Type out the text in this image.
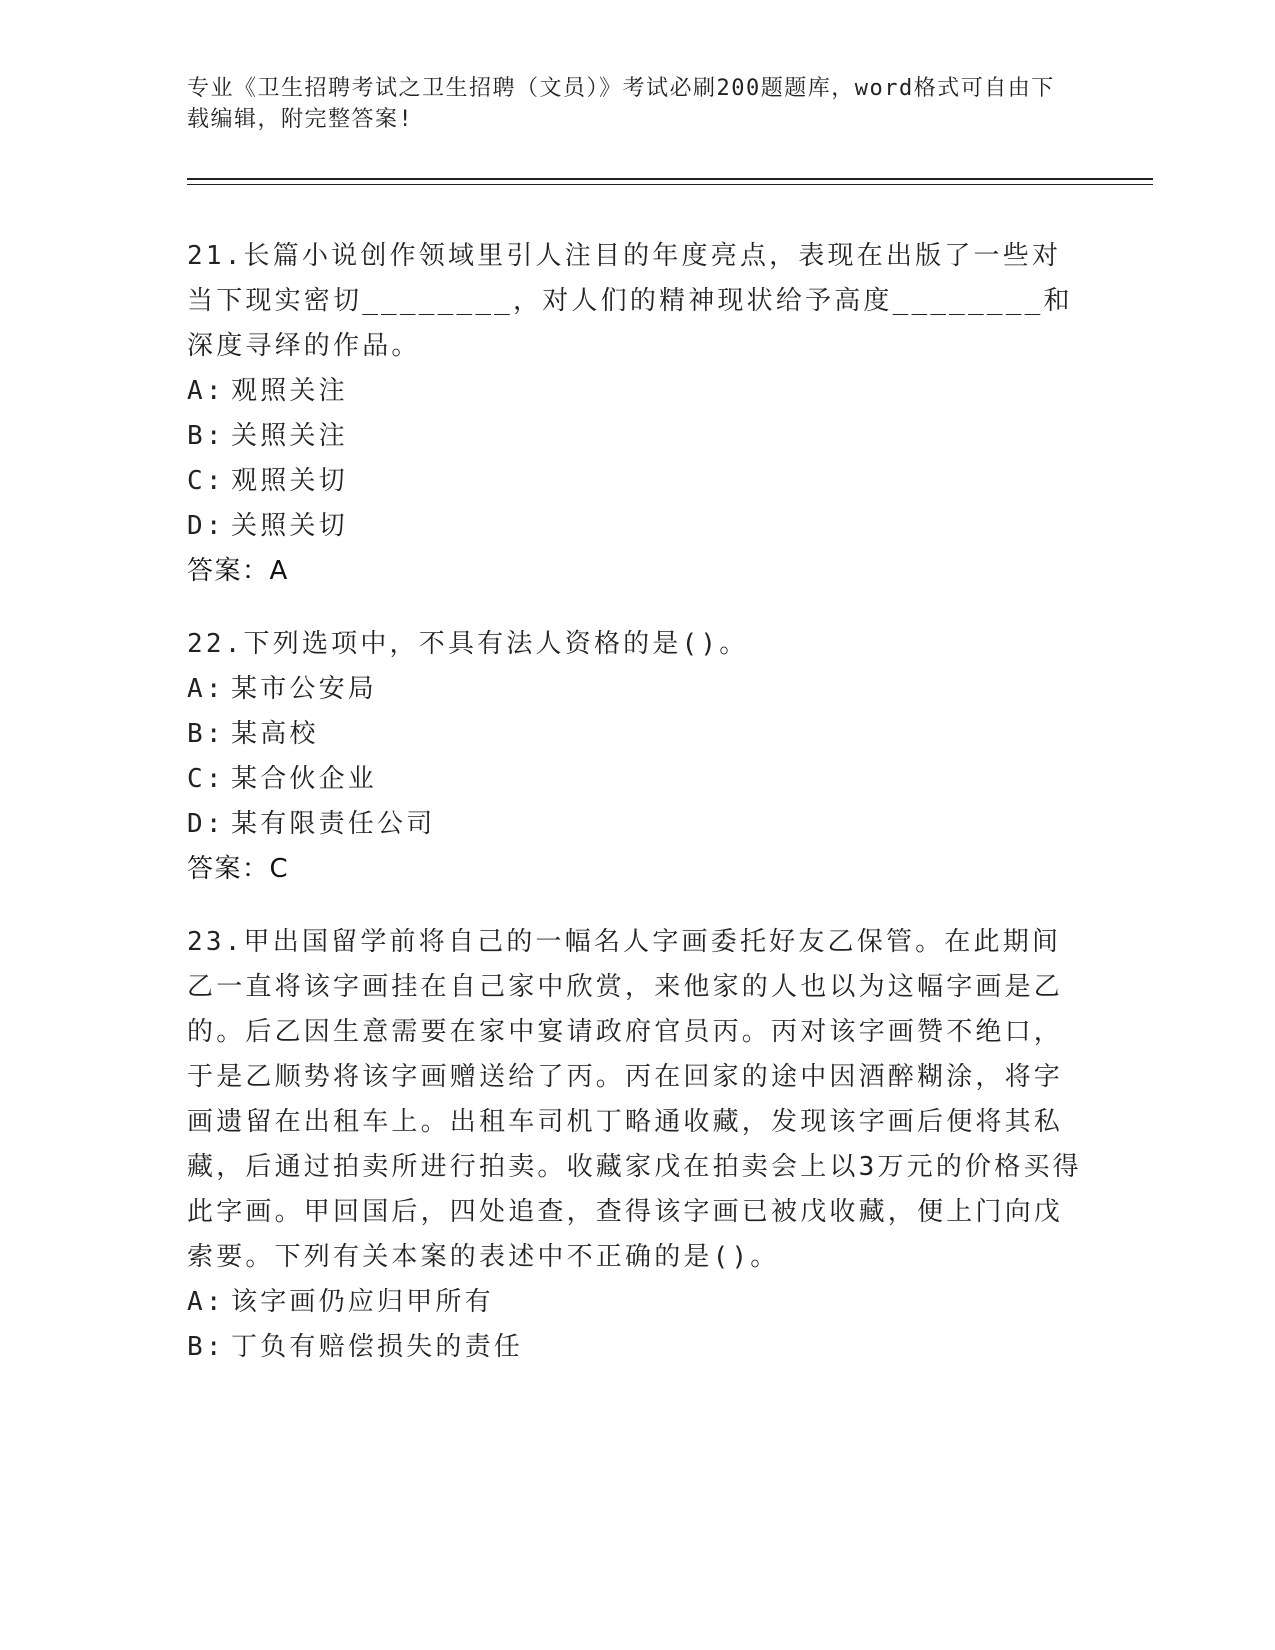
专业《卫生招聘考试之卫生招聘（文员）》考试必刷200题题库，word格式可自由下载编辑，附完整答案!

21.长篇小说创作领域里引人注目的年度亮点，表现在出版了一些对当下现实密切________，对人们的精神现状给予高度________和深度寻绎的作品。

A: 观照关注

B: 关照关注

C: 观照关切

D: 关照关切

答案：A

22.下列选项中，不具有法人资格的是()。

A: 某市公安局

B: 某高校

C: 某合伙企业

D: 某有限责任公司

答案：C

23.甲出国留学前将自己的一幅名人字画委托好友乙保管。在此期间乙一直将该字画挂在自己家中欣赏，来他家的人也以为这幅字画是乙的。后乙因生意需要在家中宴请政府官员丙。丙对该字画赞不绝口，于是乙顺势将该字画赠送给了丙。丙在回家的途中因酒醉糊涂，将字画遗留在出租车上。出租车司机丁略通收藏，发现该字画后便将其私藏，后通过拍卖所进行拍卖。收藏家戊在拍卖会上以3万元的价格买得此字画。甲回国后，四处追查，查得该字画已被戊收藏，便上门向戊索要。下列有关本案的表述中不正确的是()。

A: 该字画仍应归甲所有

B: 丁负有赔偿损失的责任
